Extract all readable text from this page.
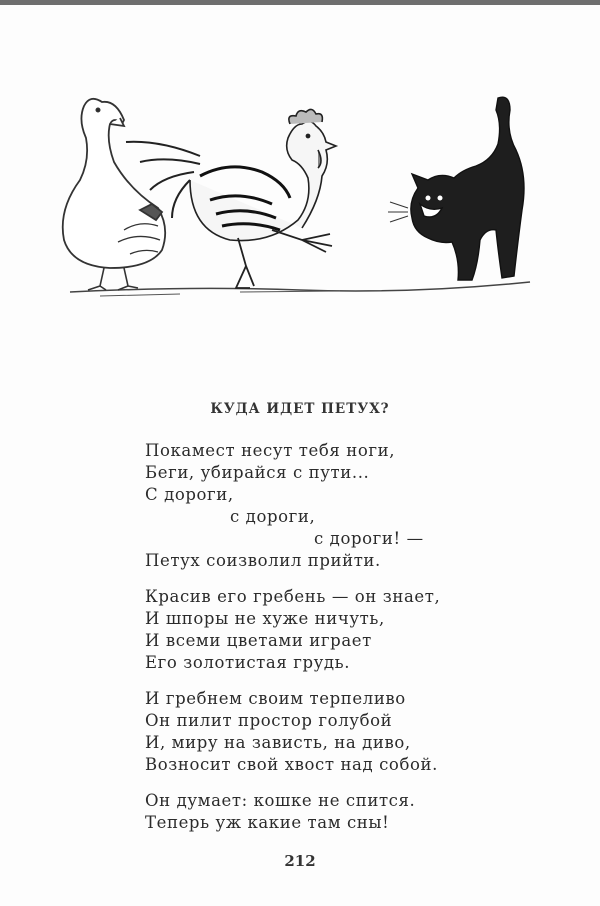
КУДА ИДЕТ ПЕТУХ?
Покамест несут тебя ноги,
Беги, убирайся с пути...
С дороги,
с дороги,
с дороги! —
Петух соизволил прийти.
Красив его гребень — он знает,
И шпоры не хуже ничуть,
И всеми цветами играет
Его золотистая грудь.
И гребнем своим терпеливо
Он пилит простор голубой
И, миру на зависть, на диво,
Возносит свой хвост над собой.
Он думает: кошке не спится.
Теперь уж какие там сны!
212
